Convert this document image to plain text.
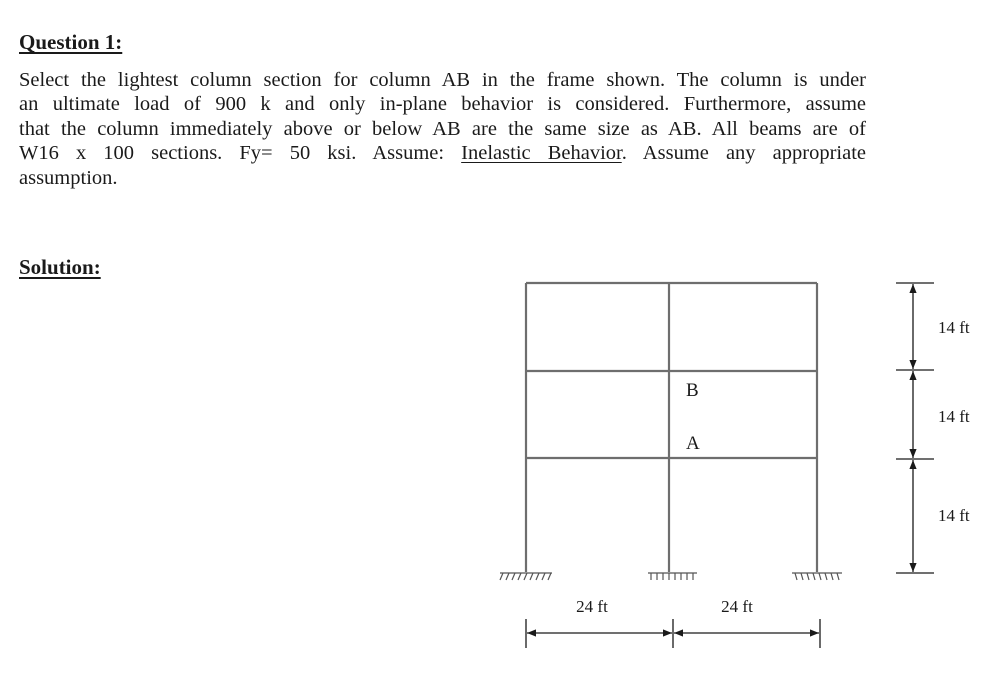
Question 1:
Select the lightest column section for column AB in the frame shown. The column is under
an ultimate load of 900 k and only in-plane behavior is considered. Furthermore, assume
that the column immediately above or below AB are the same size as AB. All beams are of
W16 x 100 sections. Fy= 50 ksi. Assume: Inelastic Behavior. Assume any appropriate
assumption.
Solution:
B
A
24 ft	24 ft
14 ft
14 ft
14 ft
